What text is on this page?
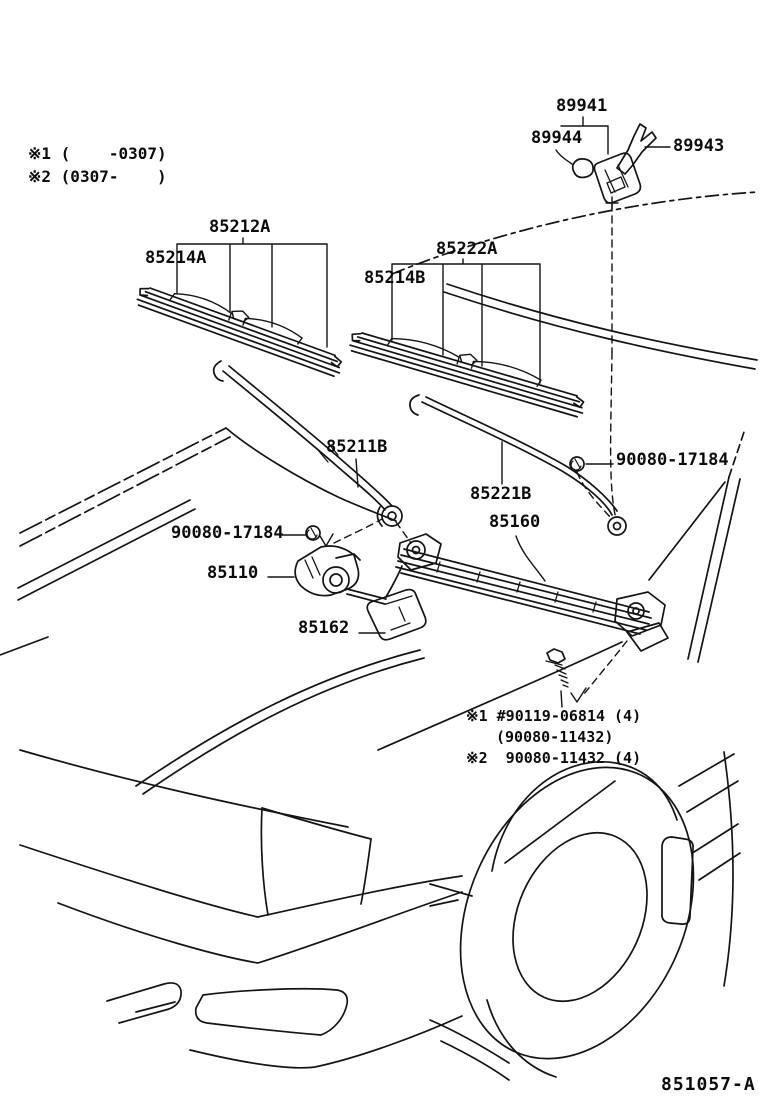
※1 (    -0307)
※2 (0307-    )
89941
89944	89943
85212A
85214A	85222A
85214B
85211B
85221B
85160
90080-17184
90080-17184
85110
85162
※1 #90119-06814 (4)
(90080-11432)
※2  90080-11432 (4)
851057-A
